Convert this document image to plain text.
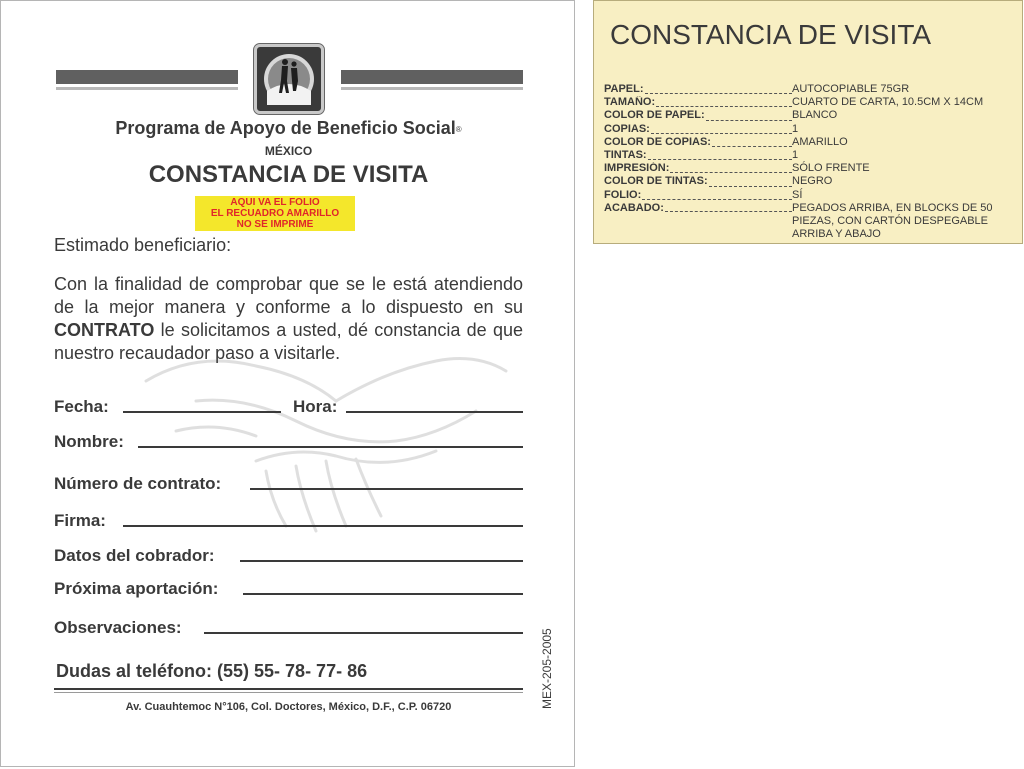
Programa de Apoyo de Beneficio Social®
MÉXICO
CONSTANCIA DE VISITA
AQUI VA EL FOLIO
EL RECUADRO AMARILLO
NO SE IMPRIME
Estimado beneficiario:
Con la finalidad de comprobar que se le está atendiendo de la mejor manera y conforme a lo dispuesto en su CONTRATO le solicitamos a usted, dé constancia de que nuestro recaudador paso a visitarle.
Fecha:	Hora:
Nombre:
Número de contrato:
Firma:
Datos del cobrador:
Próxima aportación:
Observaciones:
Dudas al teléfono: (55) 55- 78- 77- 86
Av. Cuauhtemoc N°106, Col. Doctores, México, D.F., C.P. 06720	MEX-205-2005
CONSTANCIA DE VISITA
PAPEL:	AUTOCOPIABLE 75GR
TAMAÑO:	CUARTO DE CARTA, 10.5CM X 14CM
COLOR DE PAPEL:	BLANCO
COPIAS:	1
COLOR DE COPIAS:	AMARILLO
TINTAS:	1
IMPRESIÓN:	SÓLO FRENTE
COLOR DE TINTAS:	NEGRO
FOLIO:	SÍ
ACABADO:	PEGADOS ARRIBA, EN BLOCKS DE 50 PIEZAS, CON CARTÓN DESPEGABLE ARRIBA Y ABAJO
